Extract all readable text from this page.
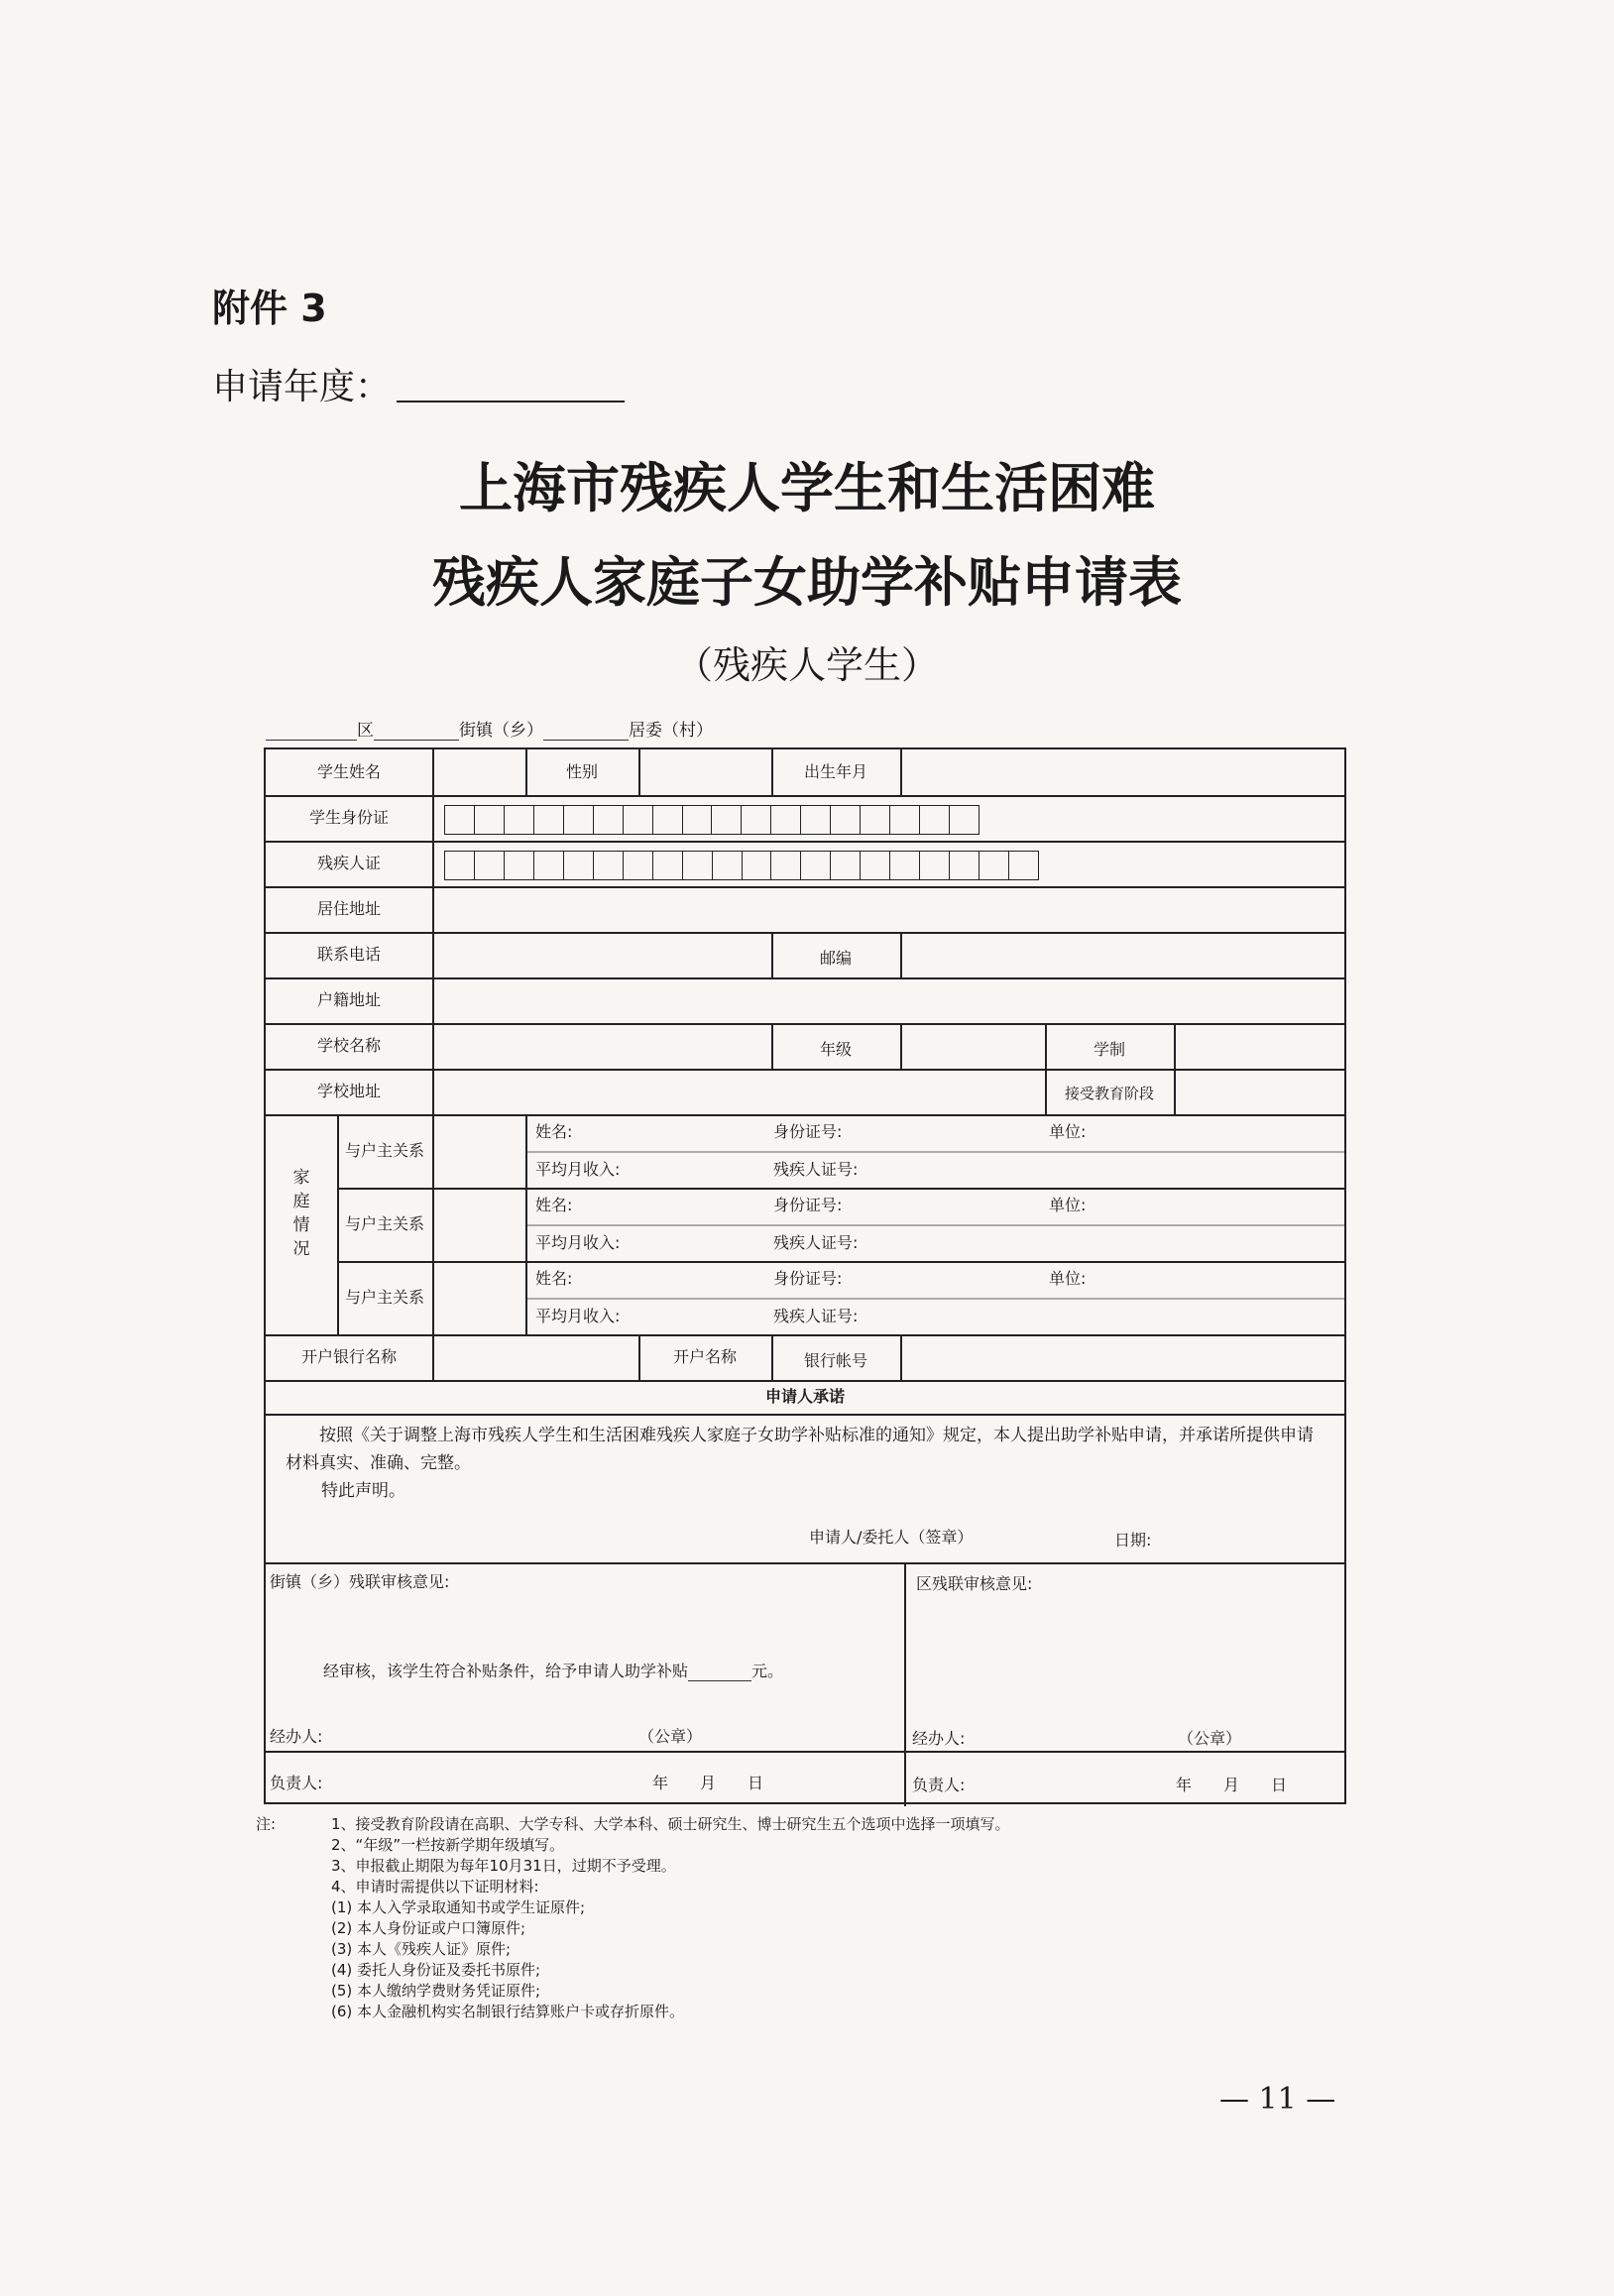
附件 3
申请年度：
上海市残疾人学生和生活困难
残疾人家庭子女助学补贴申请表
（残疾人学生）
区	街镇（乡）	居委（村）
学生姓名	性别	出生年月
学生身份证
残疾人证
居住地址
联系电话	邮编
户籍地址
学校名称	年级	学制
学校地址	接受教育阶段
家庭情况
与户主关系
姓名:	身份证号:	单位:
平均月收入:	残疾人证号:
与户主关系
姓名:	身份证号:	单位:
平均月收入:	残疾人证号:
与户主关系
姓名:	身份证号:	单位:
平均月收入:	残疾人证号:
开户银行名称	开户名称	银行帐号
申请人承诺
按照《关于调整上海市残疾人学生和生活困难残疾人家庭子女助学补贴标准的通知》规定，本人提出助学补贴申请，并承诺所提供申请材料真实、准确、完整。
特此声明。
申请人/委托人（签章）	日期:
街镇（乡）残联审核意见:	区残联审核意见:
经审核，该学生符合补贴条件，给予申请人助学补贴	元。
经办人:	（公章）
负责人:	年　　月　　日
经办人:	（公章）
负责人:	年　　月　　日
注:	1、接受教育阶段请在高职、大学专科、大学本科、硕士研究生、博士研究生五个选项中选择一项填写。
2、“年级”一栏按新学期年级填写。
3、申报截止期限为每年10月31日，过期不予受理。
4、申请时需提供以下证明材料:
(1) 本人入学录取通知书或学生证原件;
(2) 本人身份证或户口簿原件;
(3) 本人《残疾人证》原件;
(4) 委托人身份证及委托书原件;
(5) 本人缴纳学费财务凭证原件;
(6) 本人金融机构实名制银行结算账户卡或存折原件。
— 11 —
